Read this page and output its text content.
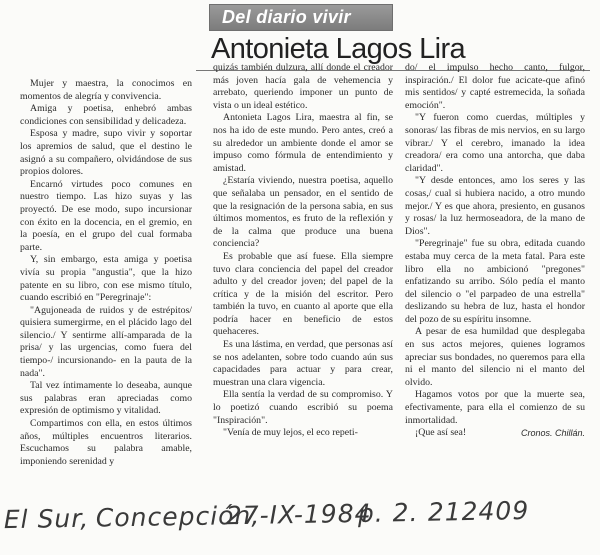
Del diario vivir
Antonieta Lagos Lira

Mujer y maestra, la conocimos en momentos de alegría y convivencia.

Amiga y poetisa, enhebró ambas condiciones con sensibilidad y delicadeza.

Esposa y madre, supo vivir y soportar los apremios de salud, que el destino le asignó a su compañero, olvidándose de sus propios dolores.

Encarnó virtudes poco comunes en nuestro tiempo. Las hizo suyas y las proyectó. De ese modo, supo incursionar con éxito en la docencia, en el gremio, en la poesía, en el grupo del cual formaba parte.

Y, sin embargo, esta amiga y poetisa vivía su propia "angustia", que la hizo patente en su libro, con ese mismo título, cuando escribió en "Peregrinaje":

"Agujoneada de ruidos y de estrépitos/ quisiera sumergirme, en el plácido lago del silencio./ Y sentirme allí-amparada de la prisa/ y las urgencias, como fuera del tiempo-/ incursionando- en la pauta de la nada".

Tal vez íntimamente lo deseaba, aunque sus palabras eran apreciadas como expresión de optimismo y vitalidad.

Compartimos con ella, en estos últimos años, múltiples encuentros literarios. Escuchamos su palabra amable, imponiendo serenidad y

quizás también dulzura, allí donde el creador más joven hacía gala de vehemencia y arrebato, queriendo imponer un punto de vista o un ideal estético.

Antonieta Lagos Lira, maestra al fin, se nos ha ido de este mundo. Pero antes, creó a su alrededor un ambiente donde el amor se impuso como fórmula de entendimiento y amistad.

¿Estaría viviendo, nuestra poetisa, aquello que señalaba un pensador, en el sentido de que la resignación de la persona sabia, en sus últimos momentos, es fruto de la reflexión y de la calma que produce una buena conciencia?

Es probable que así fuese. Ella siempre tuvo clara conciencia del papel del creador adulto y del creador joven; del papel de la crítica y de la misión del escritor. Pero también la tuvo, en cuanto al aporte que ella podría hacer en beneficio de estos quehaceres.

Es una lástima, en verdad, que personas así se nos adelanten, sobre todo cuando aún sus capacidades para actuar y para crear, muestran una clara vigencia.

Ella sentía la verdad de su compromiso. Y lo poetizó cuando escribió su poema "Inspiración".

"Venía de muy lejos, el eco repeti-

do/ el impulso hecho canto, fulgor, inspiración./ El dolor fue acicate-que afinó mis sentidos/ y capté estremecida, la soñada emoción".

"Y fueron como cuerdas, múltiples y sonoras/ las fibras de mis nervios, en su largo vibrar./ Y el cerebro, imanado la idea creadora/ era como una antorcha, que daba claridad".

"Y desde entonces, amo los seres y las cosas,/ cual si hubiera nacido, a otro mundo mejor./ Y es que ahora, presiento, en gusanos y rosas/ la luz hermoseadora, de la mano de Dios".

"Peregrinaje" fue su obra, editada cuando estaba muy cerca de la meta fatal. Para este libro ella no ambicionó "pregones" enfatizando su arribo. Sólo pedía el manto del silencio o "el parpadeo de una estrella" deslizando su hebra de luz, hasta el hondor del pozo de su espíritu insomne.

A pesar de esa humildad que desplegaba en sus actos mejores, quienes logramos apreciar sus bondades, no queremos para ella ni el manto del silencio ni el manto del olvido.

Hagamos votos por que la muerte sea, efectivamente, para ella el comienzo de su inmortalidad.

¡Que así sea!	Cronos. Chillán.

El Sur, Concepción,
27-IX-1984
p. 2. 212409
